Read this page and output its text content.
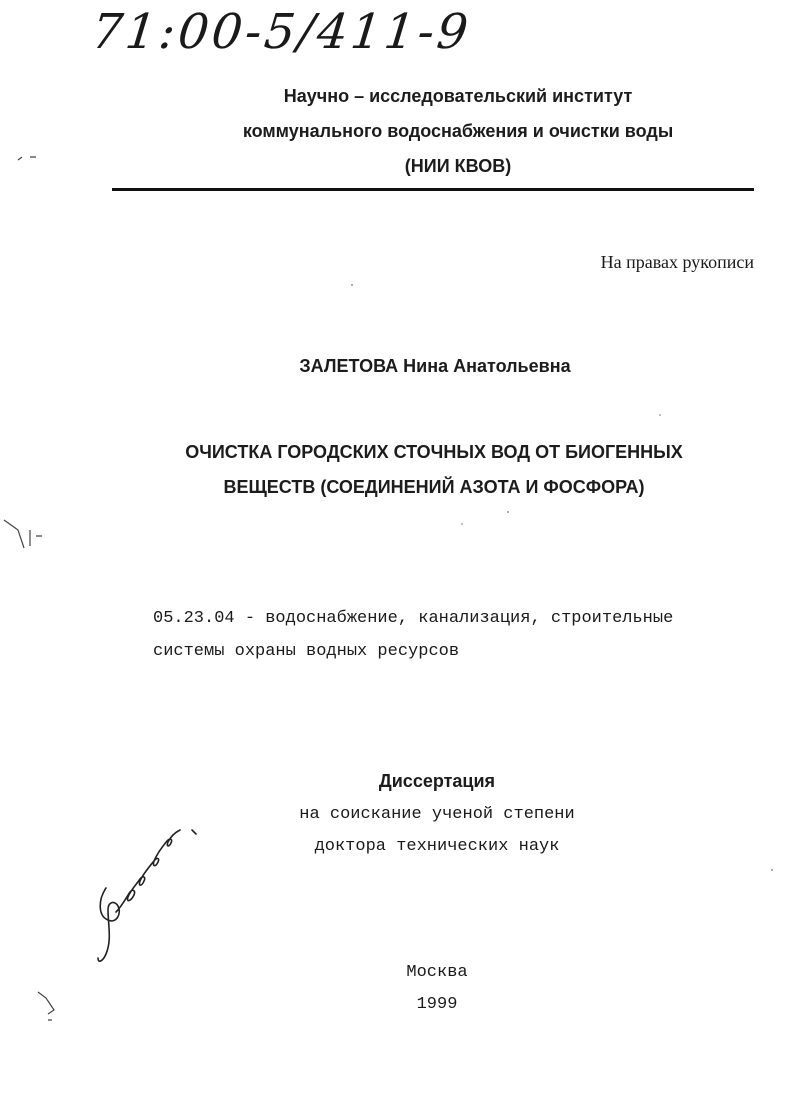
71:00-5/411-9
Научно – исследовательский институт
коммунального водоснабжения и очистки воды
(НИИ КВОВ)
На правах рукописи
ЗАЛЕТОВА Нина Анатольевна
ОЧИСТКА ГОРОДСКИХ СТОЧНЫХ ВОД ОТ БИОГЕННЫХ
ВЕЩЕСТВ (СОЕДИНЕНИЙ АЗОТА И ФОСФОРА)
05.23.04 - водоснабжение, канализация, строительные
системы охраны водных ресурсов
Диссертация
на соискание ученой степени
доктора технических наук
Москва
1999
